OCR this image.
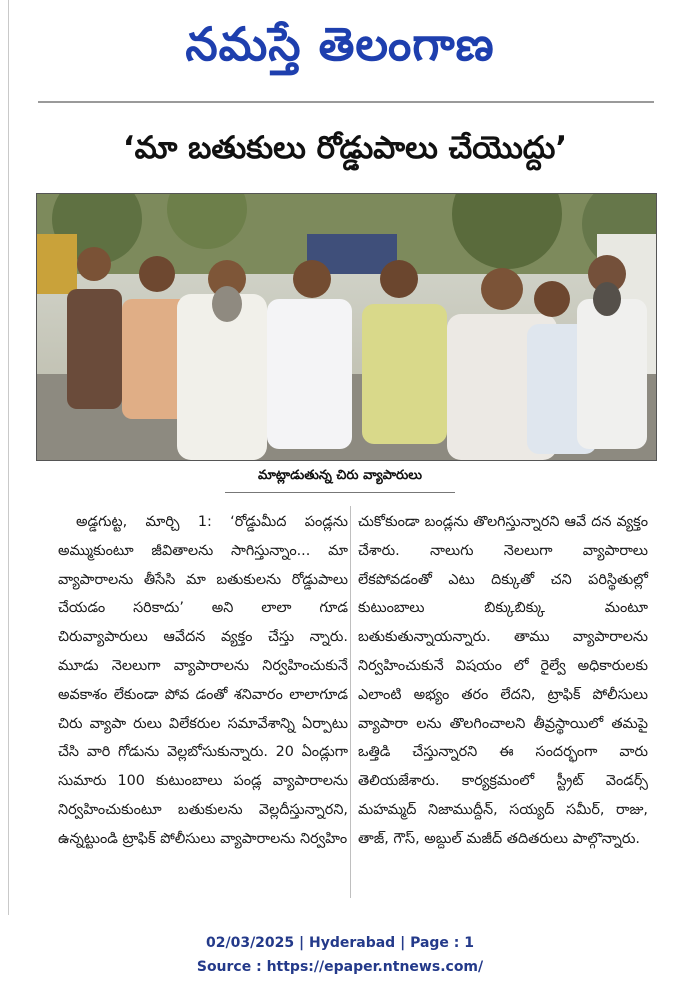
నమస్తే తెలంగాణ
‘మా బతుకులు రోడ్డుపాలు చేయొద్దు’
మాట్లాడుతున్న చిరు వ్యాపారులు
అడ్డగుట్ట, మార్చి 1: ‘రోడ్డుమీద పండ్లను అమ్ముకుంటూ జీవితాలను సాగిస్తున్నాం... మా వ్యాపారాలను తీసేసి మా బతుకులను రోడ్డుపాలు చేయడం సరికాదు’ అని లాలా గూడ చిరువ్యాపారులు ఆవేదన వ్యక్తం చేస్తు న్నారు. మూడు నెలలుగా వ్యాపారాలను నిర్వహించుకునే అవకాశం లేకుండా పోవ డంతో శనివారం లాలాగూడ చిరు వ్యాపా రులు విలేకరుల సమావేశాన్ని ఏర్పాటు చేసి వారి గోడును వెల్లబోసుకున్నారు. 20 ఏండ్లుగా సుమారు 100 కుటుంబాలు పండ్ల వ్యాపారాలను నిర్వహించుకుంటూ బతుకులను వెల్లదీస్తున్నారని, ఉన్నట్టుండి ట్రాఫిక్ పోలీసులు వ్యాపారాలను నిర్వహిం
చుకోకుండా బండ్లను తొలగిస్తున్నారని ఆవే దన వ్యక్తం చేశారు. నాలుగు నెలలుగా వ్యాపారాలు లేకపోవడంతో ఎటు దిక్కుతో చని పరిస్థితుల్లో కుటుంబాలు బిక్కుబిక్కు మంటూ బతుకుతున్నాయన్నారు. తాము వ్యాపారాలను నిర్వహించుకునే విషయం లో రైల్వే అధికారులకు ఎలాంటి అభ్యం తరం లేదని, ట్రాఫిక్ పోలీసులు వ్యాపారా లను తొలగించాలని తీవ్రస్థాయిలో తమపై ఒత్తిడి చేస్తున్నారని ఈ సందర్భంగా వారు తెలియజేశారు. కార్యక్రమంలో స్ట్రీట్ వెండర్స్ మహమ్మద్ నిజాముద్దీన్, సయ్యద్ సమీర్, రాజు, తాజ్, గౌస్, అబ్దుల్ మజీద్ తదితరులు పాల్గొన్నారు.
02/03/2025 | Hyderabad | Page : 1
Source : https://epaper.ntnews.com/
